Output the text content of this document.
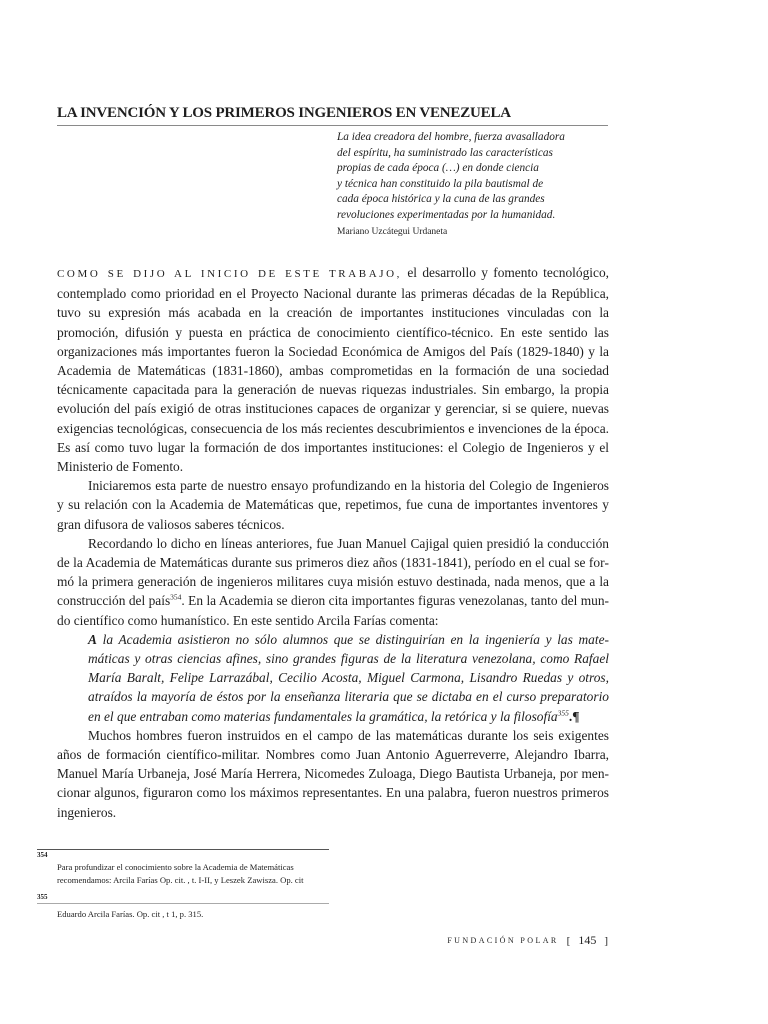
LA INVENCIÓN Y LOS PRIMEROS INGENIEROS EN VENEZUELA
La idea creadora del hombre, fuerza avasalladora
del espíritu, ha suministrado las características
propias de cada época (…) en donde ciencia
y técnica han constituido la pila bautismal de
cada época histórica y la cuna de las grandes
revoluciones experimentadas por la humanidad.
Mariano Uzcátegui Urdaneta

COMO SE DIJO AL INICIO DE ESTE TRABAJO, el desarrollo y fomento tecnológico, contemplado como prioridad en el Proyecto Nacional durante las primeras décadas de la República, tuvo su expresión más acabada en la creación de importantes instituciones vinculadas con la promoción, difusión y puesta en práctica de conocimiento científico-técnico. En este sentido las organizaciones más importantes fueron la Sociedad Económica de Amigos del País (1829-1840) y la Academia de Matemáticas (1831-1860), ambas comprometidas en la formación de una sociedad técnicamente capacitada para la generación de nuevas riquezas industriales. Sin embargo, la propia evolución del país exigió de otras instituciones capaces de organizar y gerenciar, si se quiere, nuevas exigencias tecnológicas, consecuencia de los más recientes descubrimientos e invenciones de la época. Es así como tuvo lugar la formación de dos importantes instituciones: el Colegio de Ingenieros y el Ministerio de Fomento.

Iniciaremos esta parte de nuestro ensayo profundizando en la historia del Colegio de Ingenieros y su relación con la Academia de Matemáticas que, repetimos, fue cuna de importantes inventores y gran difusora de valiosos saberes técnicos.

Recordando lo dicho en líneas anteriores, fue Juan Manuel Cajigal quien presidió la conducción de la Academia de Matemáticas durante sus primeros diez años (1831-1841), período en el cual se formó la primera generación de ingenieros militares cuya misión estuvo destinada, nada menos, que a la construcción del país$^{354}$. En la Academia se dieron cita importantes figuras venezolanas, tanto del mundo científico como humanístico. En este sentido Arcila Farías comenta:

A la Academia asistieron no sólo alumnos que se distinguirían en la ingeniería y las matemáticas y otras ciencias afines, sino grandes figuras de la literatura venezolana, como Rafael María Baralt, Felipe Larrazábal, Cecilio Acosta, Miguel Carmona, Lisandro Ruedas y otros, atraídos la mayoría de éstos por la enseñanza literaria que se dictaba en el curso preparatorio en el que entraban como materias fundamentales la gramática, la retórica y la filosofía$^{355}$.¶

Muchos hombres fueron instruidos en el campo de las matemáticas durante los seis exigentes años de formación científico-militar. Nombres como Juan Antonio Aguerreverre, Alejandro Ibarra, Manuel María Urbaneja, José María Herrera, Nicomedes Zuloaga, Diego Bautista Urbaneja, por mencionar algunos, figuraron como los máximos representantes. En una palabra, fueron nuestros primeros ingenieros.

354
Para profundizar el conocimiento sobre la Academia de Matemáticas
recomendamos: Arcila Farías Op. cit. , t. I-II, y Leszek Zawisza. Op. cit
355
Eduardo Arcila Farías. Op. cit , t 1, p. 315.
FUNDACIÓN POLAR [ 145 ]
